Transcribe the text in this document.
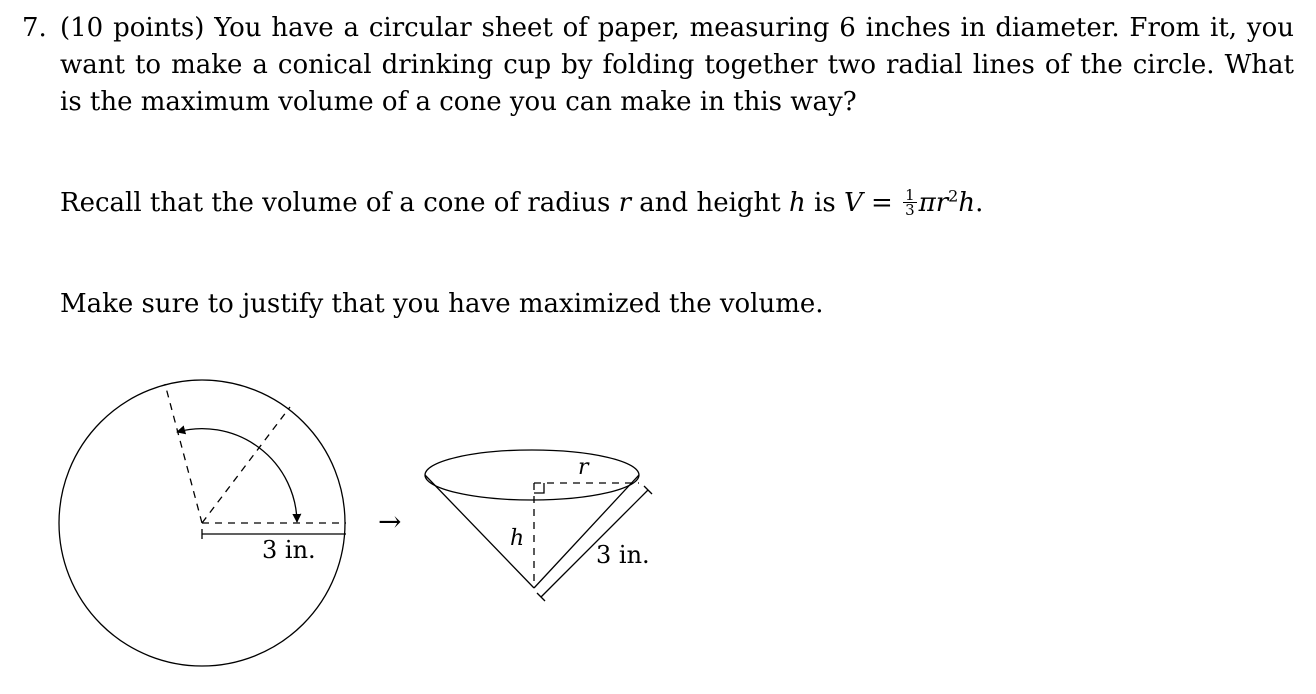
7. (10 points) You have a circular sheet of paper, measuring 6 inches in diameter. From it, you want to make a conical drinking cup by folding together two radial lines of the circle. What is the maximum volume of a cone you can make in this way?
Recall that the volume of a cone of radius r and height h is $V = \frac{1}{3} \pi r^2h$.
Make sure to justify that you have maximized the volume.
3 in.
→
r
h
3 in.
